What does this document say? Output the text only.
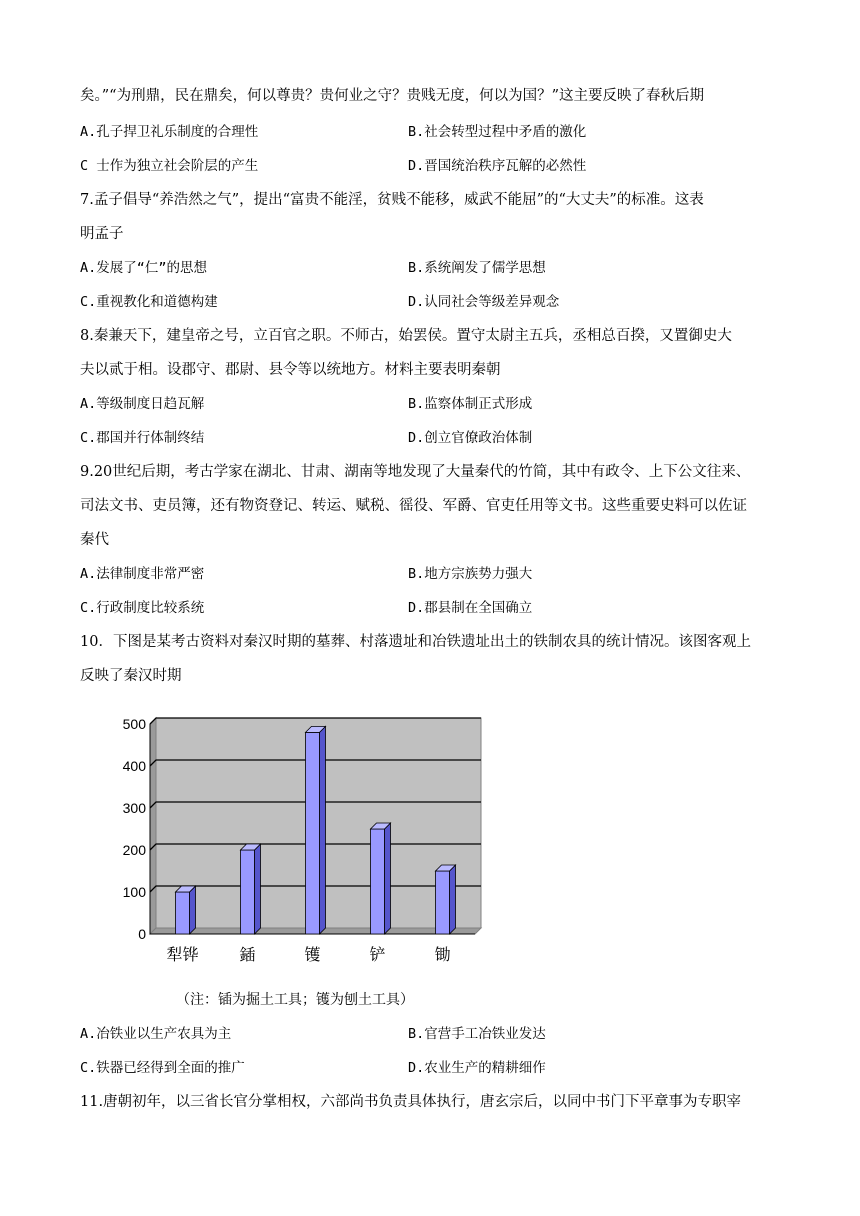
矣。”“为刑鼎，民在鼎矣，何以尊贵？贵何业之守？贵贱无度，何以为国？”这主要反映了春秋后期
A.孔子捍卫礼乐制度的合理性	B.社会转型过程中矛盾的激化
C 士作为独立社会阶层的产生	D.晋国统治秩序瓦解的必然性
7.孟子倡导“养浩然之气”，提出“富贵不能淫，贫贱不能移，威武不能屈”的“大丈夫”的标准。这表
明孟子
A.发展了“仁”的思想	B.系统阐发了儒学思想
C.重视教化和道德构建	D.认同社会等级差异观念
8.秦兼天下，建皇帝之号，立百官之职。不师古，始罢侯。置守太尉主五兵，丞相总百揆，又置御史大
夫以贰于相。设郡守、郡尉、县令等以统地方。材料主要表明秦朝
A.等级制度日趋瓦解	B.监察体制正式形成
C.郡国并行体制终结	D.创立官僚政治体制
9.20世纪后期，考古学家在湖北、甘肃、湖南等地发现了大量秦代的竹简，其中有政令、上下公文往来、
司法文书、吏员簿，还有物资登记、转运、赋税、徭役、军爵、官吏任用等文书。这些重要史料可以佐证
秦代
A.法律制度非常严密	B.地方宗族势力强大
C.行政制度比较系统	D.郡县制在全国确立
10．下图是某考古资料对秦汉时期的墓葬、村落遗址和冶铁遗址出土的铁制农具的统计情况。该图客观上
反映了秦汉时期
0
100
200
300
400
500
犁铧	鍤	镬	铲	锄
（注：锸为掘土工具；镬为刨土工具）
A.冶铁业以生产农具为主	B.官营手工冶铁业发达
C.铁器已经得到全面的推广	D.农业生产的精耕细作
11.唐朝初年，以三省长官分掌相权，六部尚书负责具体执行，唐玄宗后，以同中书门下平章事为专职宰
